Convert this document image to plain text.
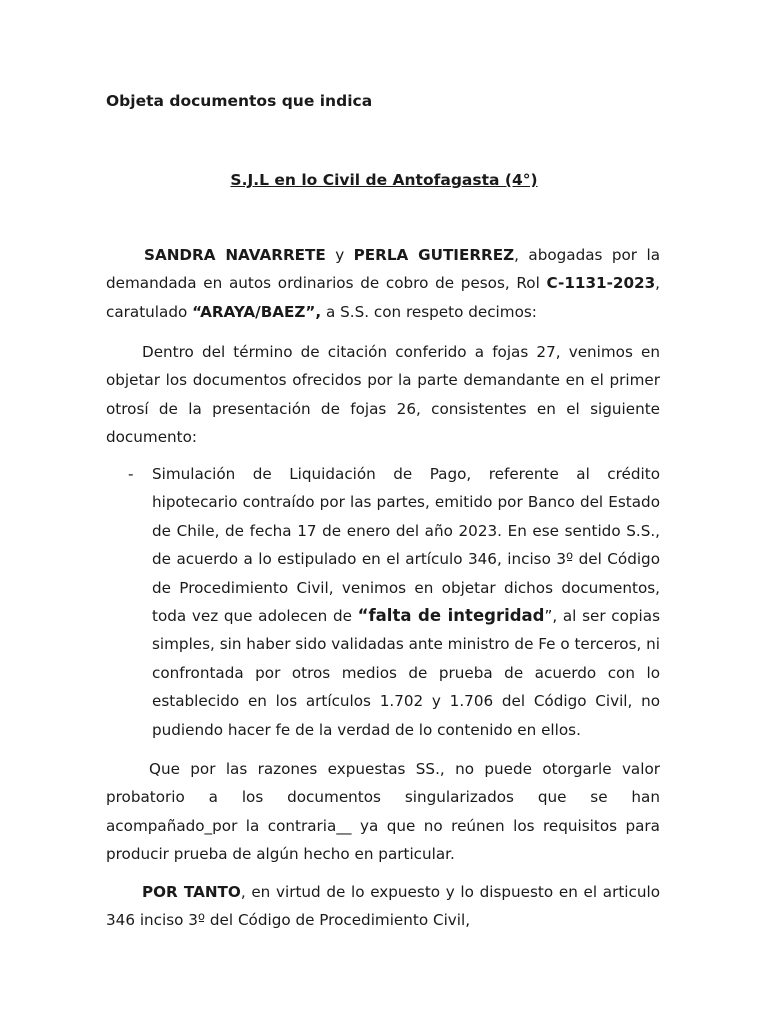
Objeta documentos que indica
S.J.L en lo Civil de Antofagasta (4°)
SANDRA NAVARRETE y PERLA GUTIERREZ, abogadas por la demandada en autos ordinarios de cobro de pesos, Rol C-1131-2023, caratulado “ARAYA/BAEZ”, a S.S. con respeto decimos:
Dentro del término de citación conferido a fojas 27, venimos en objetar los documentos ofrecidos por la parte demandante en el primer otrosí de la presentación de fojas 26, consistentes en el siguiente documento:
- Simulación de Liquidación de Pago, referente al crédito hipotecario contraído por las partes, emitido por Banco del Estado de Chile, de fecha 17 de enero del año 2023. En ese sentido S.S., de acuerdo a lo estipulado en el artículo 346, inciso 3º del Código de Procedimiento Civil, venimos en objetar dichos documentos, toda vez que adolecen de “falta de integridad”, al ser copias simples, sin haber sido validadas ante ministro de Fe o terceros, ni confrontada por otros medios de prueba de acuerdo con lo establecido en los artículos 1.702 y 1.706 del Código Civil, no pudiendo hacer fe de la verdad de lo contenido en ellos.
Que por las razones expuestas SS., no puede otorgarle valor probatorio a los documentos singularizados que se han acompañado_por la contraria__ ya que no reúnen los requisitos para producir prueba de algún hecho en particular.
POR TANTO, en virtud de lo expuesto y lo dispuesto en el articulo 346 inciso 3º del Código de Procedimiento Civil,
